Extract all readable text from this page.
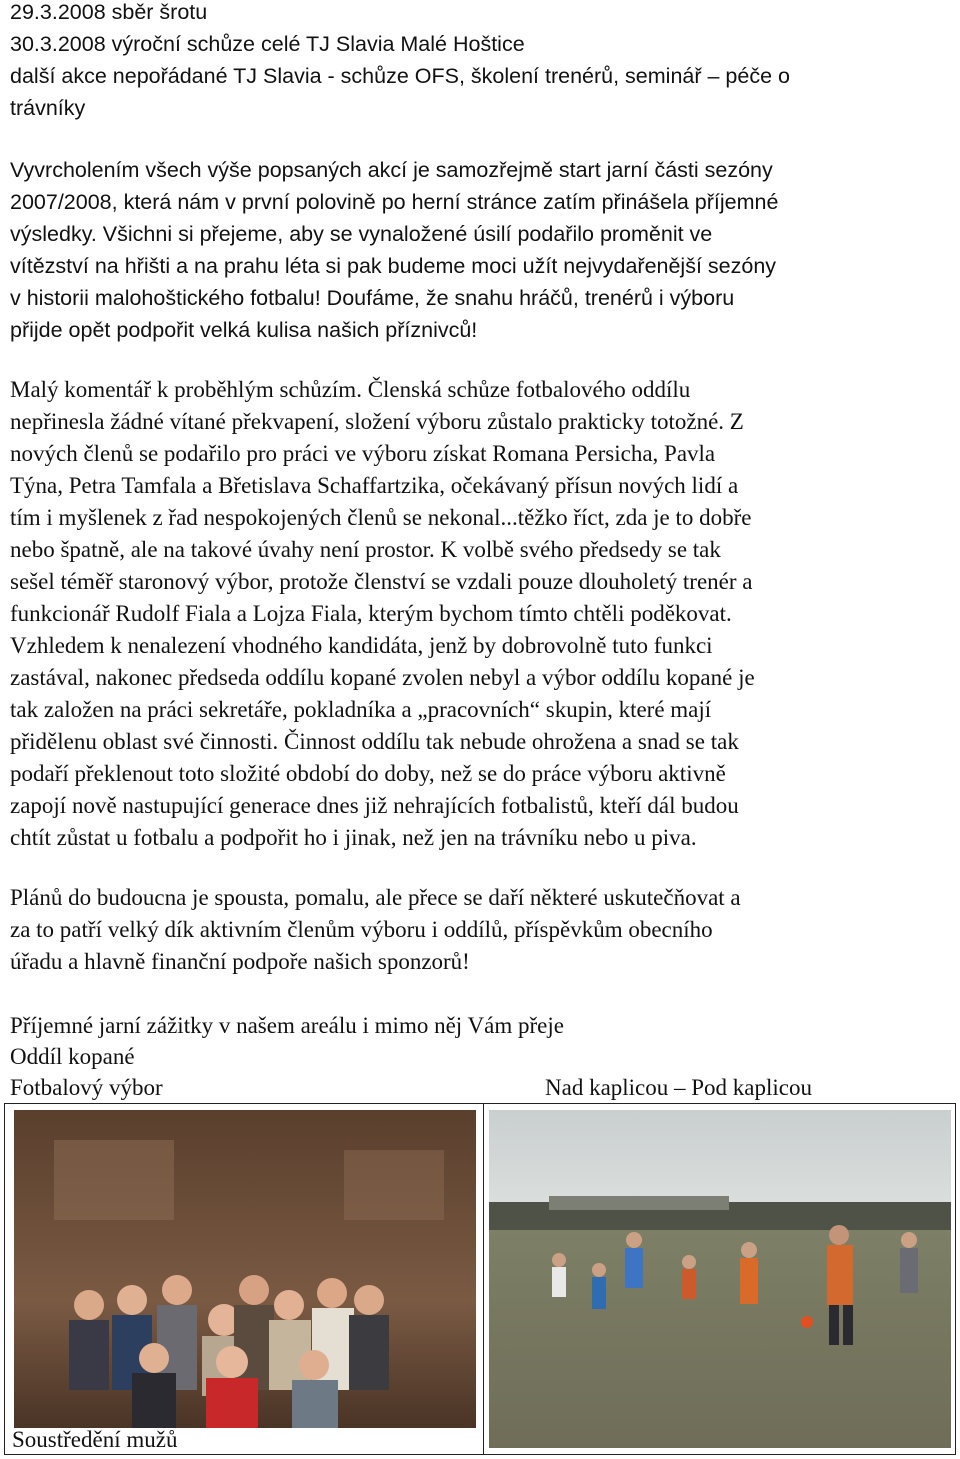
29.3.2008 sběr šrotu
30.3.2008 výroční schůze celé TJ Slavia Malé Hoštice
další akce nepořádané TJ Slavia - schůze OFS, školení trenérů, seminář – péče o
trávníky
Vyvrcholením všech výše popsaných akcí je samozřejmě start jarní části sezóny
2007/2008, která nám v první polovině po herní stránce zatím přinášela příjemné
výsledky. Všichni si přejeme, aby se vynaložené úsilí podařilo proměnit ve
vítězství na hřišti a na prahu léta si pak budeme moci užít nejvydařenější sezóny
v historii malohoštického fotbalu! Doufáme, že snahu hráčů, trenérů i výboru
přijde opět podpořit velká kulisa našich příznivců!
Malý komentář k proběhlým schůzím. Členská schůze fotbalového oddílu
nepřinesla žádné vítané překvapení, složení výboru zůstalo prakticky totožné. Z
nových členů se podařilo pro práci ve výboru získat Romana Persicha, Pavla
Týna, Petra Tamfala a Břetislava Schaffartzika, očekávaný přísun nových lidí a
tím i myšlenek z řad nespokojených členů se nekonal...těžko říct, zda je to dobře
nebo špatně, ale na takové úvahy není prostor. K volbě svého předsedy se tak
sešel téměř staronový výbor, protože členství se vzdali pouze dlouholetý trenér a
funkcionář Rudolf Fiala a Lojza Fiala, kterým bychom tímto chtěli poděkovat.
Vzhledem k nenalezení vhodného kandidáta, jenž by dobrovolně tuto funkci
zastával, nakonec předseda oddílu kopané zvolen nebyl a výbor oddílu kopané je
tak založen na práci sekretáře, pokladníka a „pracovních“ skupin, které mají
přidělenu oblast své činnosti. Činnost oddílu tak nebude ohrožena a snad se tak
podaří překlenout toto složité období do doby, než se do práce výboru aktivně
zapojí nově nastupující generace dnes již nehrajících fotbalistů, kteří dál budou
chtít zůstat u fotbalu a podpořit ho i jinak, než jen na trávníku nebo u piva.
Plánů do budoucna je spousta, pomalu, ale přece se daří některé uskutečňovat a
za to patří velký dík aktivním členům výboru i oddílů, příspěvkům obecního
úřadu a hlavně finanční podpoře našich sponzorů!
Příjemné jarní zážitky v našem areálu i mimo něj Vám přeje
Oddíl kopané
Fotbalový výbor	Nad kaplicou – Pod kaplicou
Soustředění mužů
